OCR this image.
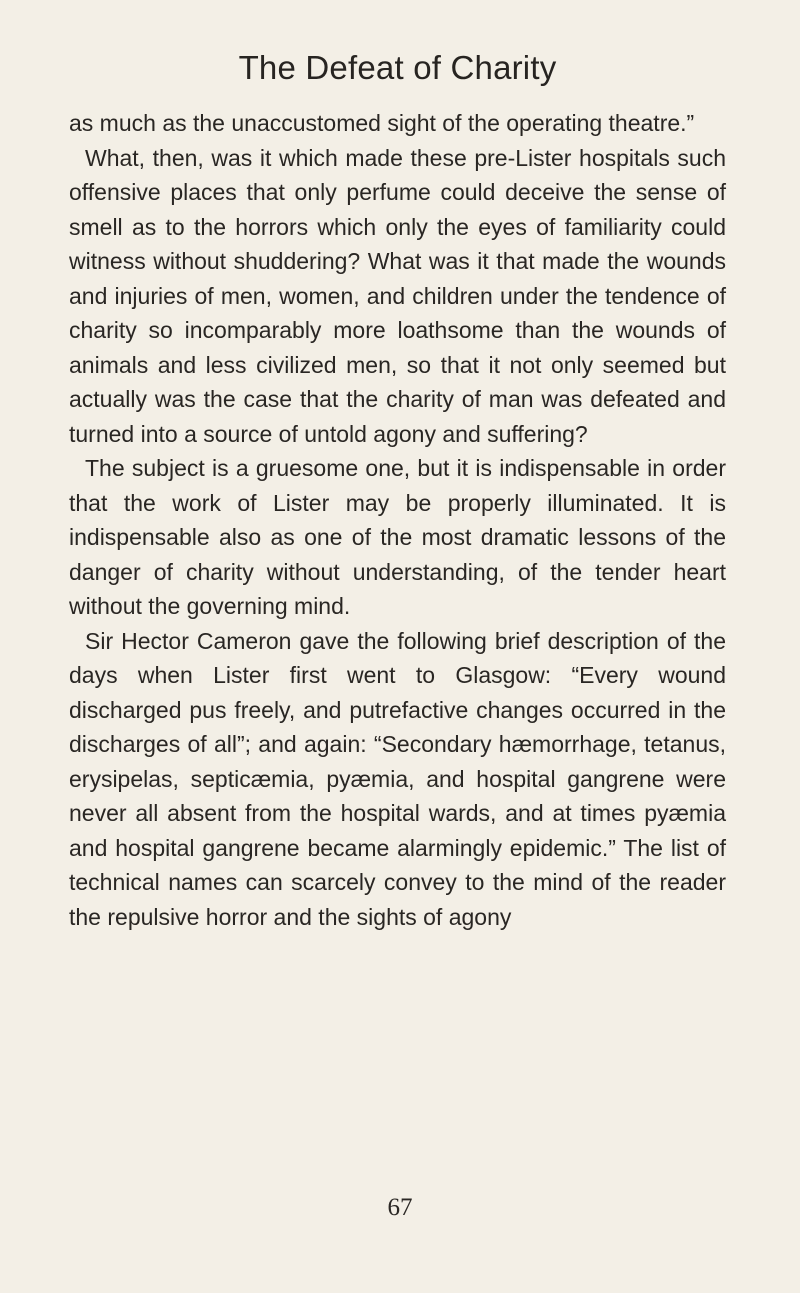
The Defeat of Charity

as much as the unaccustomed sight of the operating theatre.”

What, then, was it which made these pre-Lister hospitals such offensive places that only perfume could deceive the sense of smell as to the horrors which only the eyes of familiarity could witness without shuddering? What was it that made the wounds and injuries of men, women, and children under the tendence of charity so incomparably more loathsome than the wounds of animals and less civilized men, so that it not only seemed but actually was the case that the charity of man was defeated and turned into a source of untold agony and suffering?

The subject is a gruesome one, but it is indispensable in order that the work of Lister may be properly illuminated. It is indispensable also as one of the most dramatic lessons of the danger of charity without understanding, of the tender heart without the governing mind.

Sir Hector Cameron gave the following brief description of the days when Lister first went to Glasgow: “Every wound discharged pus freely, and putrefactive changes occurred in the discharges of all”; and again: “Secondary hæmorrhage, tetanus, erysipelas, septicæmia, pyæmia, and hospital gangrene were never all absent from the hospital wards, and at times pyæmia and hospital gangrene became alarmingly epidemic.” The list of technical names can scarcely convey to the mind of the reader the repulsive horror and the sights of agony

67
